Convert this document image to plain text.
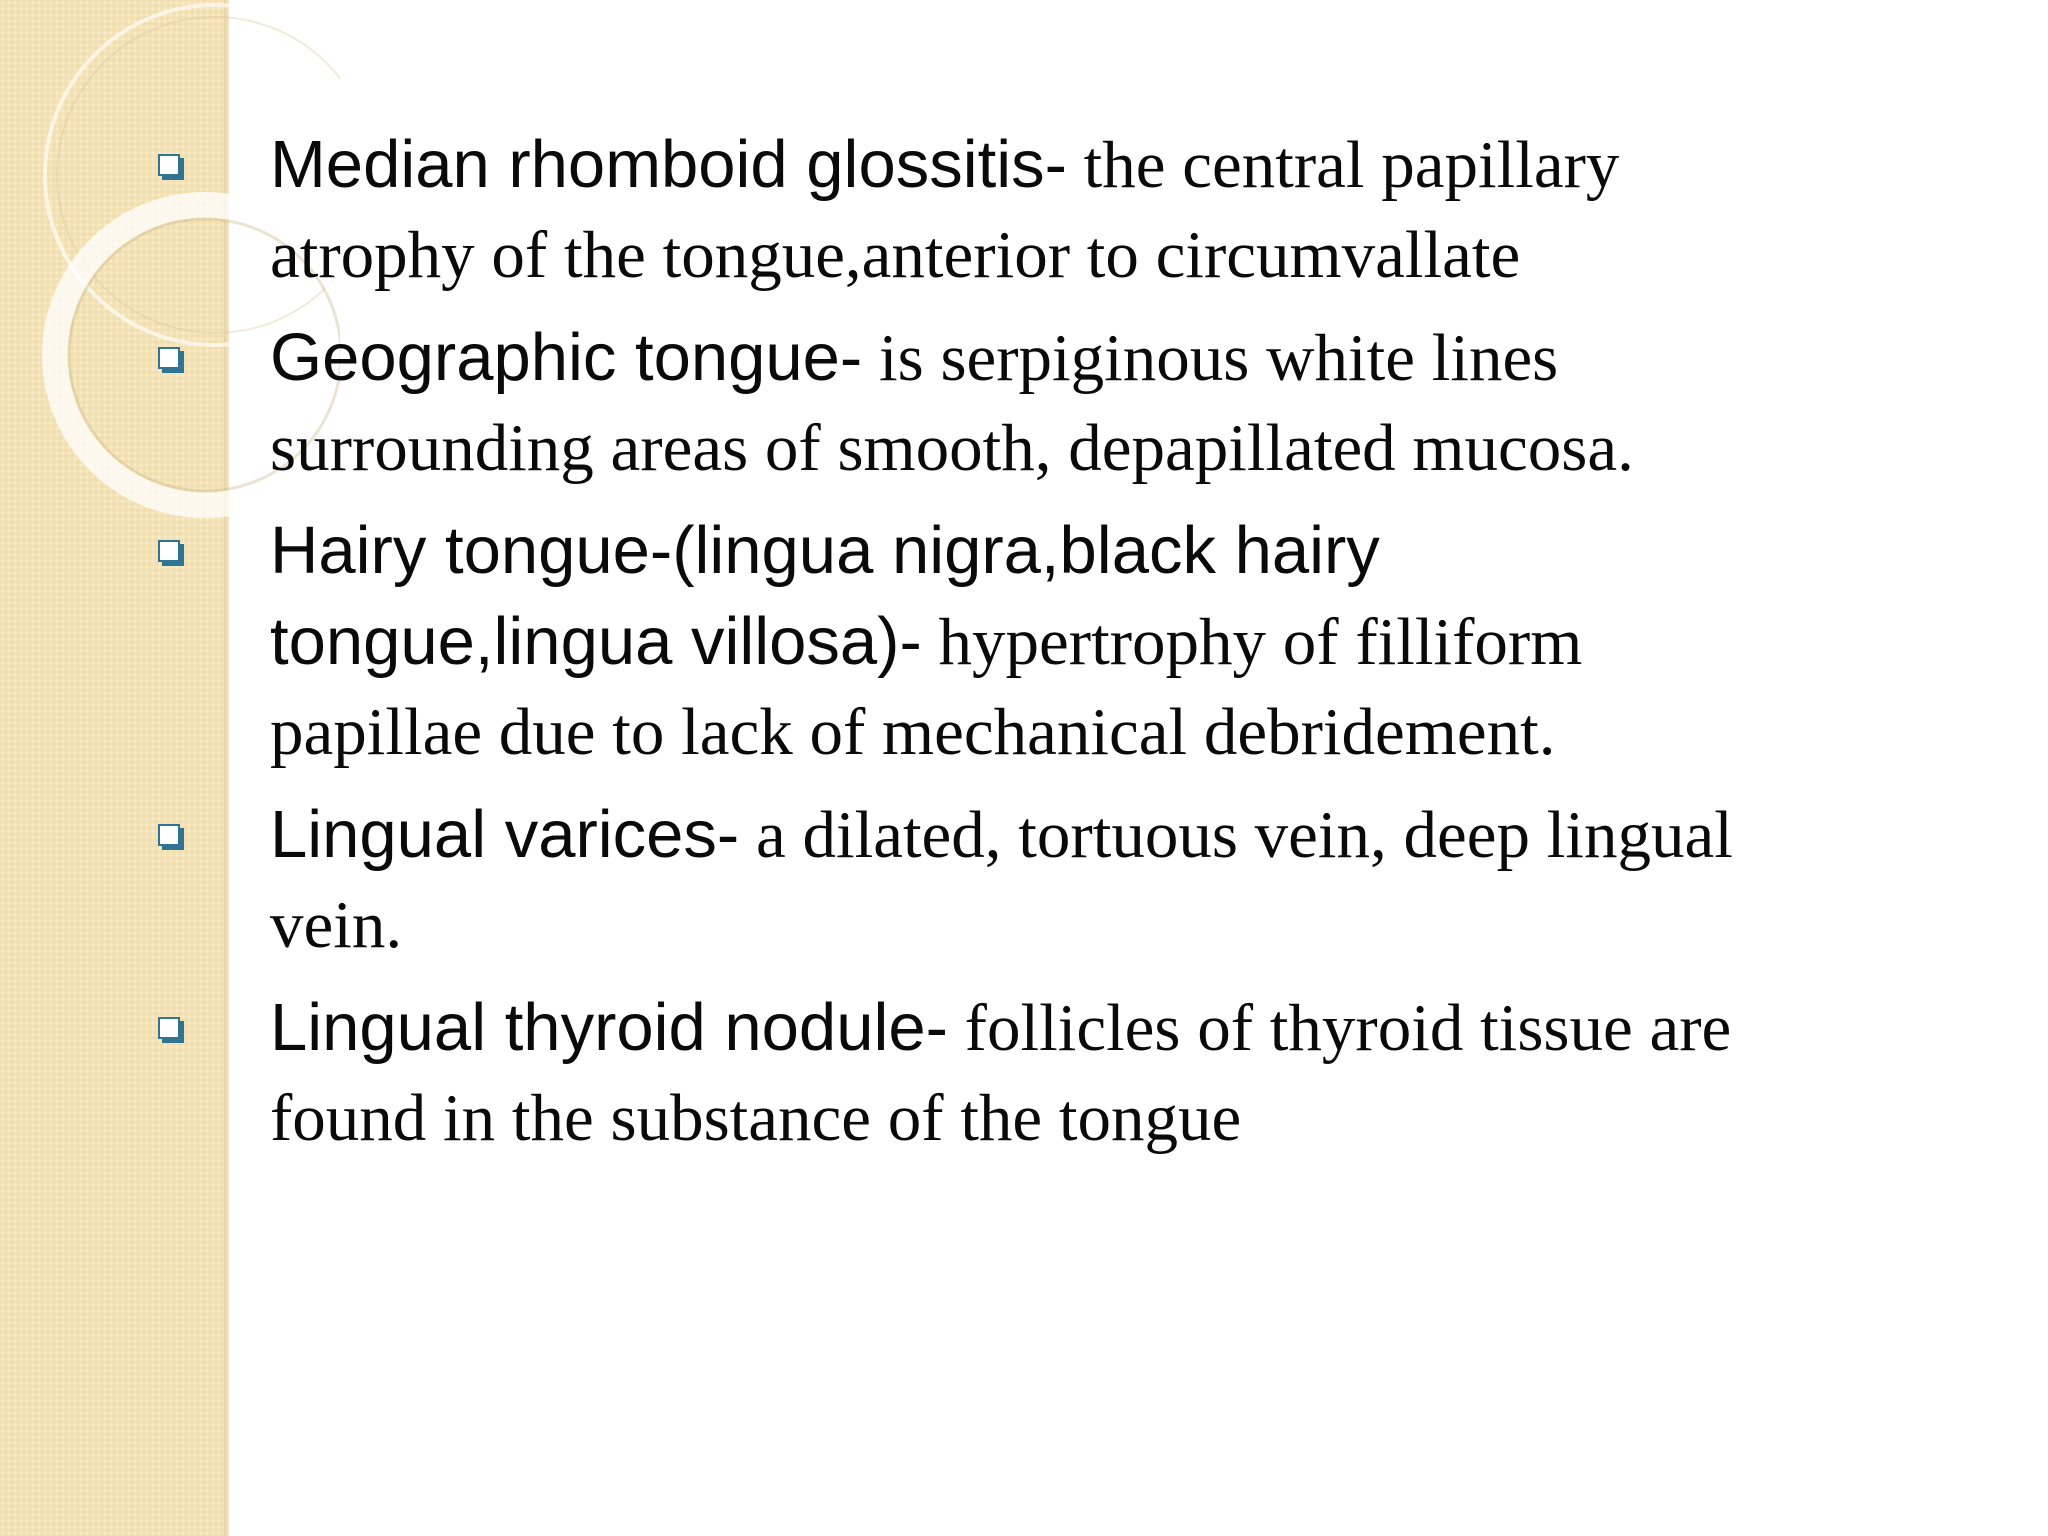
Median rhomboid glossitis- the central papillary atrophy of the tongue,anterior to circumvallate
Geographic tongue- is serpiginous white lines surrounding areas of smooth, depapillated mucosa.
Hairy tongue-(lingua nigra,black hairy tongue,lingua villosa)- hypertrophy of filliform papillae due to lack of mechanical debridement.
Lingual varices- a dilated, tortuous vein, deep lingual vein.
Lingual thyroid nodule- follicles of thyroid tissue are found in the substance of the tongue
